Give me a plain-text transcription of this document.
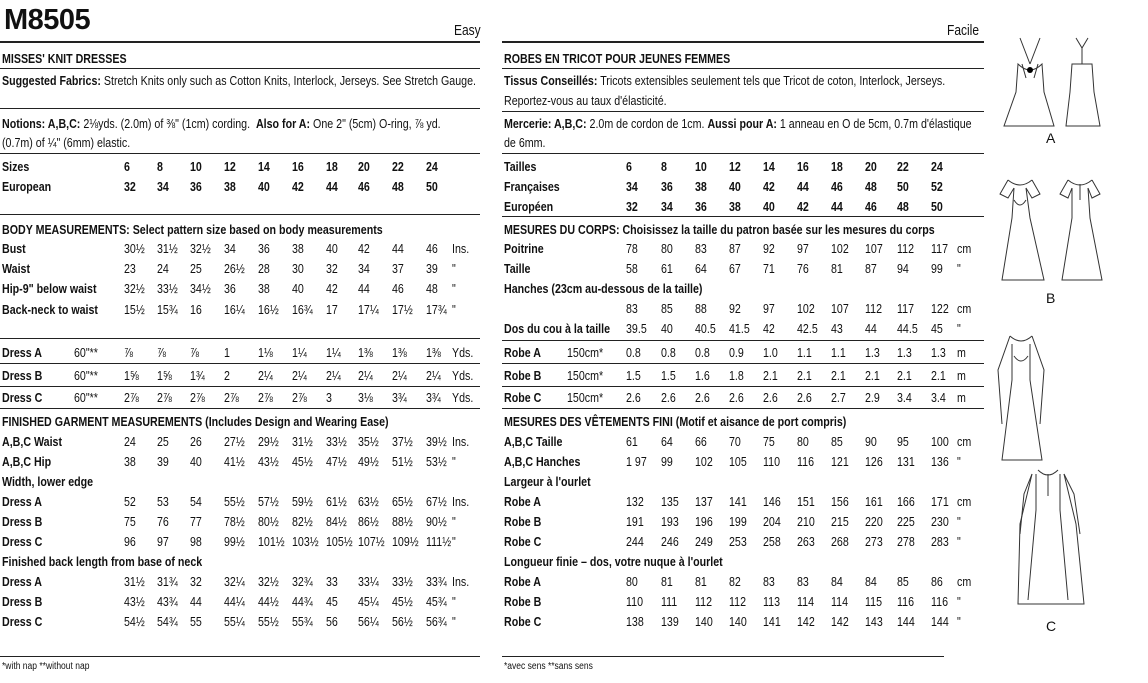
M8505	Easy	Facile
MISSES' KNIT DRESSES
Suggested Fabrics: Stretch Knits only such as Cotton Knits, Interlock, Jerseys. See Stretch Gauge.
Notions: A,B,C: 2⅛yds. (2.0m) of ⅜" (1cm) cording. Also for A: One 2" (5cm) O-ring, ⅞ yd.
(0.7m) of ¼" (6mm) elastic.
ROBES EN TRICOT POUR JEUNES FEMMES
Tissus Conseillés: Tricots extensibles seulement tels que Tricot de coton, Interlock, Jerseys.
Reportez-vous au taux d'élasticité.
Mercerie: A,B,C: 2.0m de cordon de 1cm. Aussi pour A: 1 anneau en O de 5cm, 0.7m d'élastique
de 6mm.
Sizes	6 8 10 12 14 16 18 20 22 24
European	32 34 36 38 40 42 44 46 48 50
BODY MEASUREMENTS: Select pattern size based on body measurements
Bust	30½ 31½ 32½	34 36 38 40 42 44 46 Ins.
Waist	23 24 25 26½	28 30 32 34 37 39 "
Hip-9" below waist	32½ 33½ 34½	36 38 40 42 44 46 48 "
Back-neck to waist	15½ 15¾ 16 16¼	16½	16¾	17 17¼	17½	17¾ "
Dress A	60"**	⅞ ⅞ ⅞ 1 1⅛ 1¼ 1¼ 1⅜ 1⅜ 1⅜ Yds.
Dress B	60"**	1⅝ 1⅝ 1¾ 2 2¼ 2¼ 2¼ 2¼ 2¼ 2¼ Yds.
Dress C	60"**	2⅞ 2⅞ 2⅞ 2⅞ 2⅞ 2⅞ 3 3⅛ 3¾ 3¾ Yds.
FINISHED GARMENT MEASUREMENTS (Includes Design and Wearing Ease)
A,B,C Waist	24 25 26 27½	29½	31½	33½ 35½	37½	39½ Ins.
A,B,C Hip	38 39 40 41½	43½	45½	47½ 49½	51½	53½ "
Width, lower edge
Dress A	52 53 54 55½	57½	59½	61½ 63½	65½	67½ Ins.
Dress B	75 76 77 78½	80½	82½	84½ 86½	88½	90½ "
Dress C	96 97 98 99½	101½ 103½ 105½ 107½ 109½ 111½ "
Finished back length from base of neck
Dress A	31½ 31¾ 32 32¼	32½	32¾	33 33¼	33½	33¾ Ins.
Dress B	43½ 43¾ 44 44¼	44½	44¾	45 45¼	45½	45¾ "
Dress C	54½ 54¾ 55 55¼	55½	55¾	56 56¼	56½	56¾ "
Tailles	6 8 10 12 14 16 18 20 22 24
Françaises	34 36 38 40 42 44 46 48 50 52
Européen	32 34 36 38 40 42 44 46 48 50
MESURES DU CORPS: Choisissez la taille du patron basée sur les mesures du corps
Poitrine	78 80 83 87 92 97 102	107	112 117 cm
Taille	58 61 64 67 71 76 81 87 94 99 "
Hanches (23cm au-dessous de la taille)
83 85 88 92 97 102	107	112 117 122 cm
Dos du cou à la taille	39.5	40 40.5	41.5	42 42.5	43 44 44.5	45 "
Robe A	150cm*	0.8 0.8 0.8 0.9 1.0 1.1 1.1 1.3 1.3 1.3 m
Robe B	150cm*	1.5 1.5 1.6 1.8 2.1 2.1 2.1 2.1 2.1 2.1 m
Robe C	150cm*	2.6 2.6 2.6 2.6 2.6 2.6 2.7 2.9 3.4 3.4 m
MESURES DES VÊTEMENTS FINI (Motif et aisance de port compris)
A,B,C Taille	61 64 66 70 75 80 85 90 95 100 cm
A,B,C Hanches	1 97	99 102	105	110 116 121	126	131	136 "
Largeur à l'ourlet
Robe A	132	135	137	141	146	151	156	161	166	171 cm
Robe B	191	193	196	199	204	210	215	220	225	230 "
Robe C	244	246	249	253	258	263	268	273	278	283 "
Longueur finie – dos, votre nuque à l'ourlet
Robe A	80 81 81 82 83 83 84 84 85 86 cm
Robe B	110 111 112 112 113 114 114 115 116 116 "
Robe C	138	139	140	140	141	142	142	143	144	144 "
*with nap **without nap	*avec sens **sans sens
A
B
C
